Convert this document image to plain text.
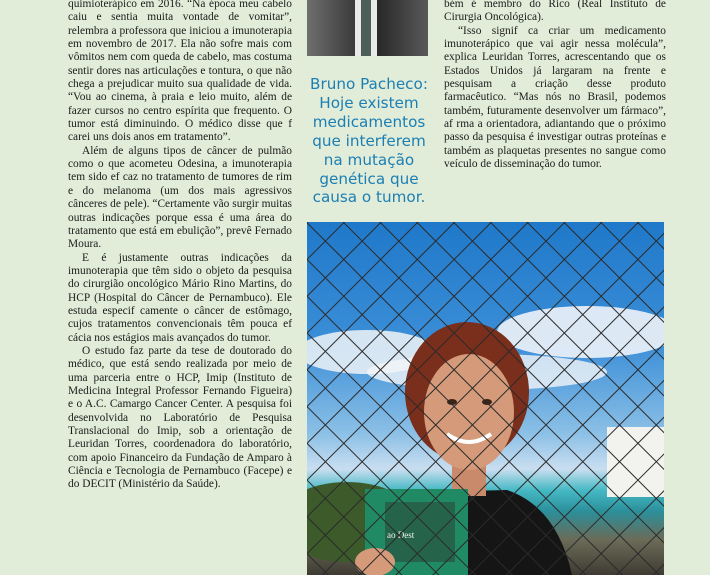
quimioterápico em 2016. “Na época meu cabelo caiu e sentia muita vontade de vomitar”, relembra a professora que iniciou a imunoterapia em novembro de 2017. Ela não sofre mais com vômitos nem com queda de cabelo, mas costuma sentir dores nas articulações e tontura, o que não chega a prejudicar muito sua qualidade de vida. “Vou ao cinema, à praia e leio muito, além de fazer cursos no centro espírita que frequento. O tumor está diminuindo. O médico disse que f carei uns dois anos em tratamento”.

Além de alguns tipos de câncer de pulmão como o que acometeu Odesina, a imunoterapia tem sido ef caz no tratamento de tumores de rim e do melanoma (um dos mais agressivos cânceres de pele). “Certamente vão surgir muitas outras indicações porque essa é uma área do tratamento que está em ebulição”, prevê Fernado Moura.

E é justamente outras indicações da imunoterapia que têm sido o objeto da pesquisa do cirurgião oncológico Mário Rino Martins, do HCP (Hospital do Câncer de Pernambuco). Ele estuda especif camente o câncer de estômago, cujos tratamentos convencionais têm pouca ef cácia nos estágios mais avançados do tumor.

O estudo faz parte da tese de doutorado do médico, que está sendo realizada por meio de uma parceria entre o HCP, Imip (Instituto de Medicina Integral Professor Fernando Figueira) e o A.C. Camargo Cancer Center. A pesquisa foi desenvolvida no Laboratório de Pesquisa Translacional do Imip, sob a orientação de Leuridan Torres, coordenadora do laboratório, com apoio Financeiro da Fundação de Amparo à Ciência e Tecnologia de Pernambuco (Facepe) e do DECIT (Ministério da Saúde).

Bruno Pacheco: Hoje existem medicamentos que interferem na mutação genética que causa o tumor.

bém é membro do Rico (Real Instituto de Cirurgia Oncológica).

“Isso signif ca criar um medicamento imunoterápico que vai agir nessa molécula”, explica Leuridan Torres, acrescentando que os Estados Unidos já largaram na frente e pesquisam a criação desse produto farmacêutico. “Mas nós no Brasil, podemos também, futuramente desenvolver um fármaco”, af rma a orientadora, adiantando que o próximo passo da pesquisa é investigar outras proteínas e também as plaquetas presentes no sangue como veículo de disseminação do tumor.
